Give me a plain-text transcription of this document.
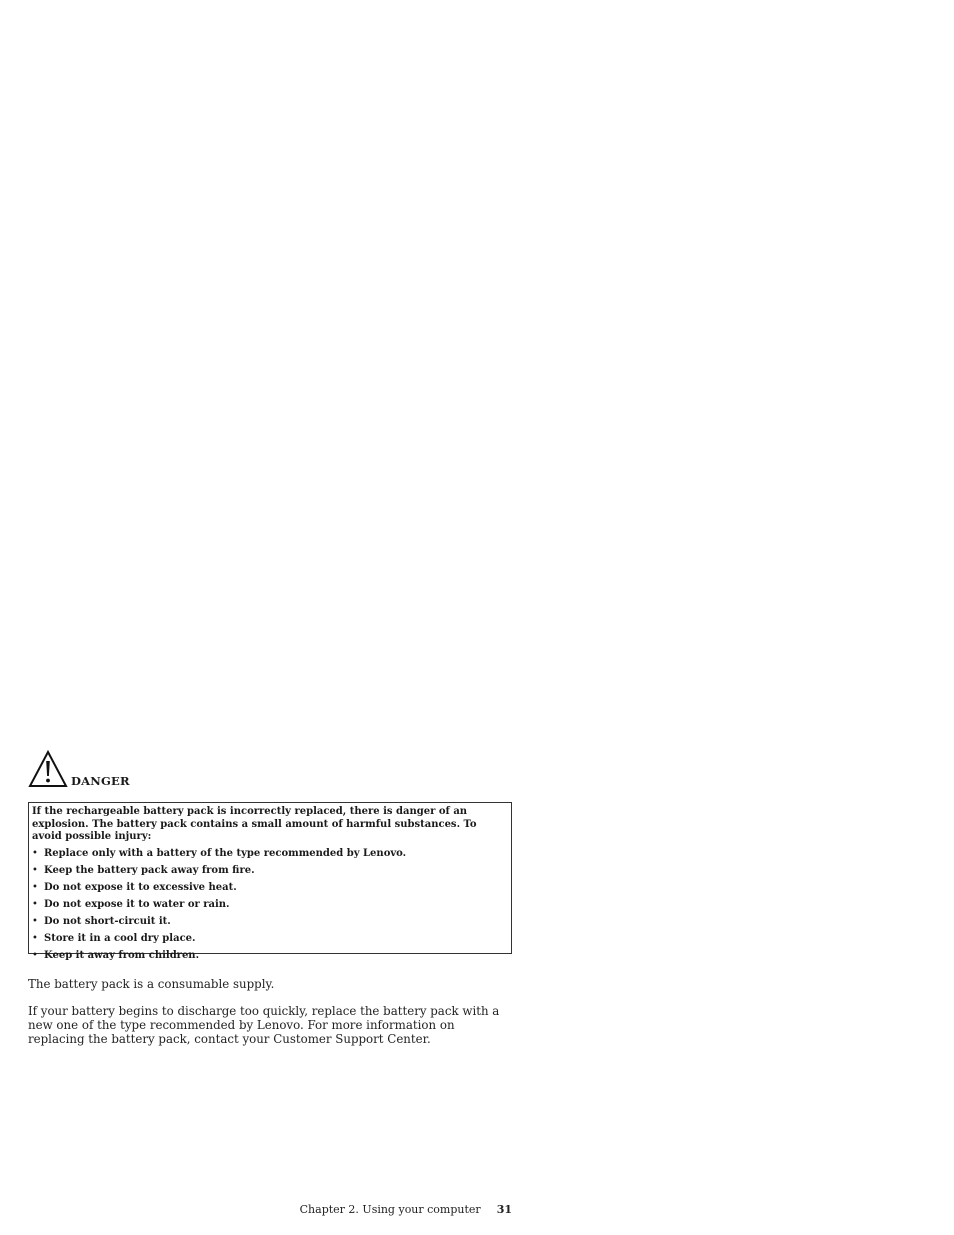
DANGER

If the rechargeable battery pack is incorrectly replaced, there is danger of an explosion. The battery pack contains a small amount of harmful substances. To avoid possible injury:

• Replace only with a battery of the type recommended by Lenovo.
• Keep the battery pack away from fire.
• Do not expose it to excessive heat.
• Do not expose it to water or rain.
• Do not short-circuit it.
• Store it in a cool dry place.
• Keep it away from children.

The battery pack is a consumable supply.

If your battery begins to discharge too quickly, replace the battery pack with a new one of the type recommended by Lenovo. For more information on replacing the battery pack, contact your Customer Support Center.

Chapter 2. Using your computer 31
